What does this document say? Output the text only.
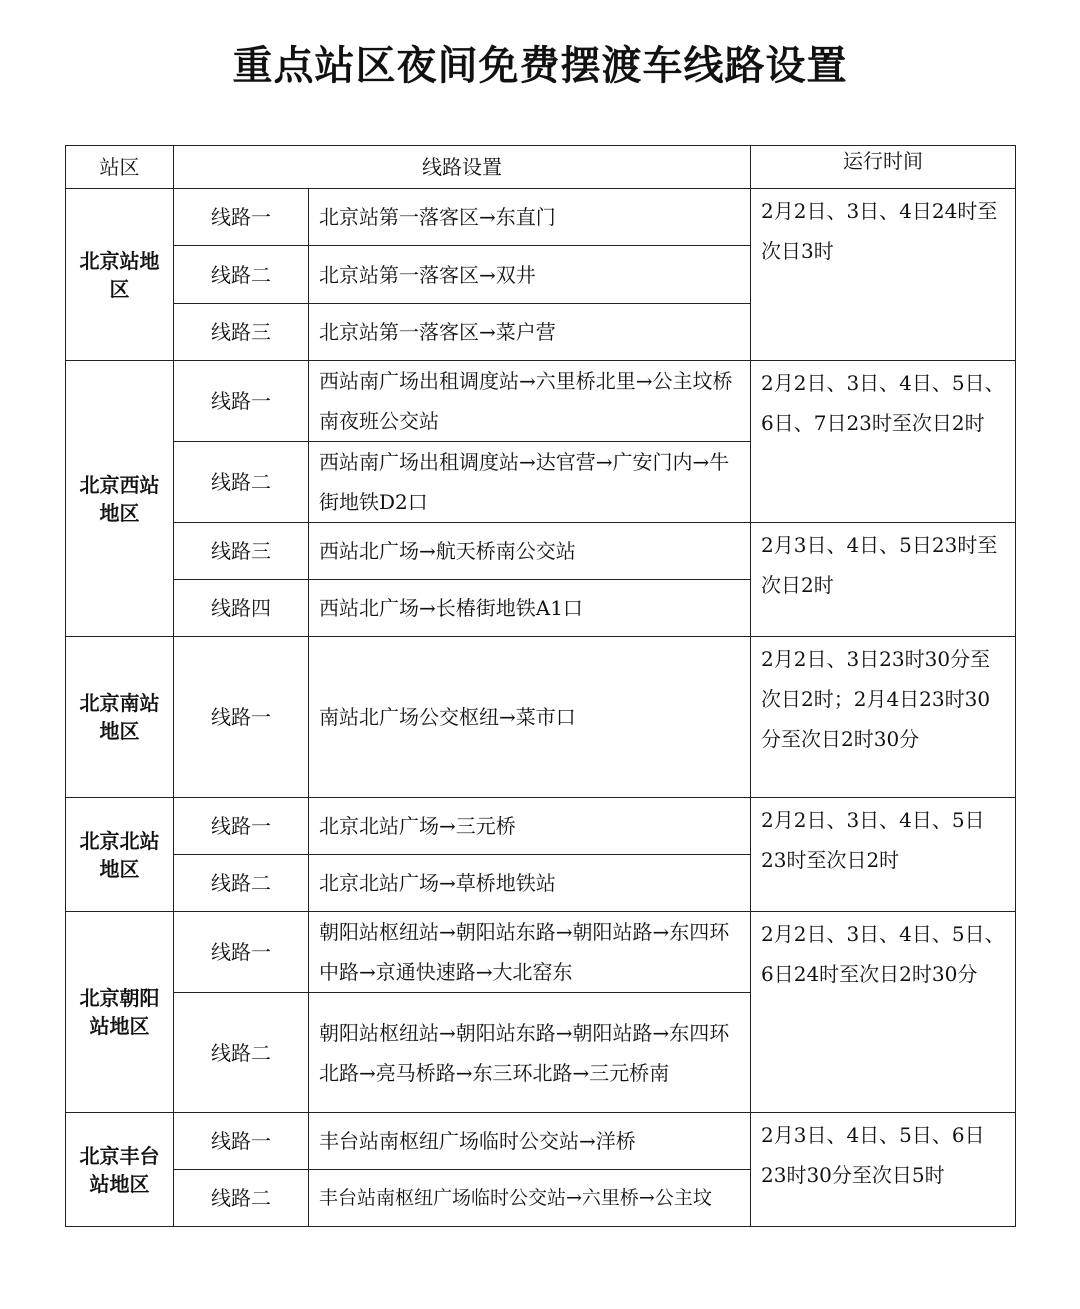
重点站区夜间免费摆渡车线路设置
站区	线路设置		运行时间
北京站地区	线路一	北京站第一落客区→东直门	2月2日、3日、4日24时至次日3时
	线路二	北京站第一落客区→双井	
	线路三	北京站第一落客区→菜户营	
北京西站地区	线路一	西站南广场出租调度站→六里桥北里→公主坟桥南夜班公交站	2月2日、3日、4日、5日、6日、7日23时至次日2时
	线路二	西站南广场出租调度站→达官营→广安门内→牛街地铁D2口	
	线路三	西站北广场→航天桥南公交站	2月3日、4日、5日23时至次日2时
	线路四	西站北广场→长椿街地铁A1口	
北京南站地区	线路一	南站北广场公交枢纽→菜市口	2月2日、3日23时30分至次日2时；2月4日23时30分至次日2时30分
北京北站地区	线路一	北京北站广场→三元桥	2月2日、3日、4日、5日23时至次日2时
	线路二	北京北站广场→草桥地铁站	
北京朝阳站地区	线路一	朝阳站枢纽站→朝阳站东路→朝阳站路→东四环中路→京通快速路→大北窑东	2月2日、3日、4日、5日、6日24时至次日2时30分
	线路二	朝阳站枢纽站→朝阳站东路→朝阳站路→东四环北路→亮马桥路→东三环北路→三元桥南	
北京丰台站地区	线路一	丰台站南枢纽广场临时公交站→洋桥	2月3日、4日、5日、6日23时30分至次日5时
	线路二	丰台站南枢纽广场临时公交站→六里桥→公主坟	
